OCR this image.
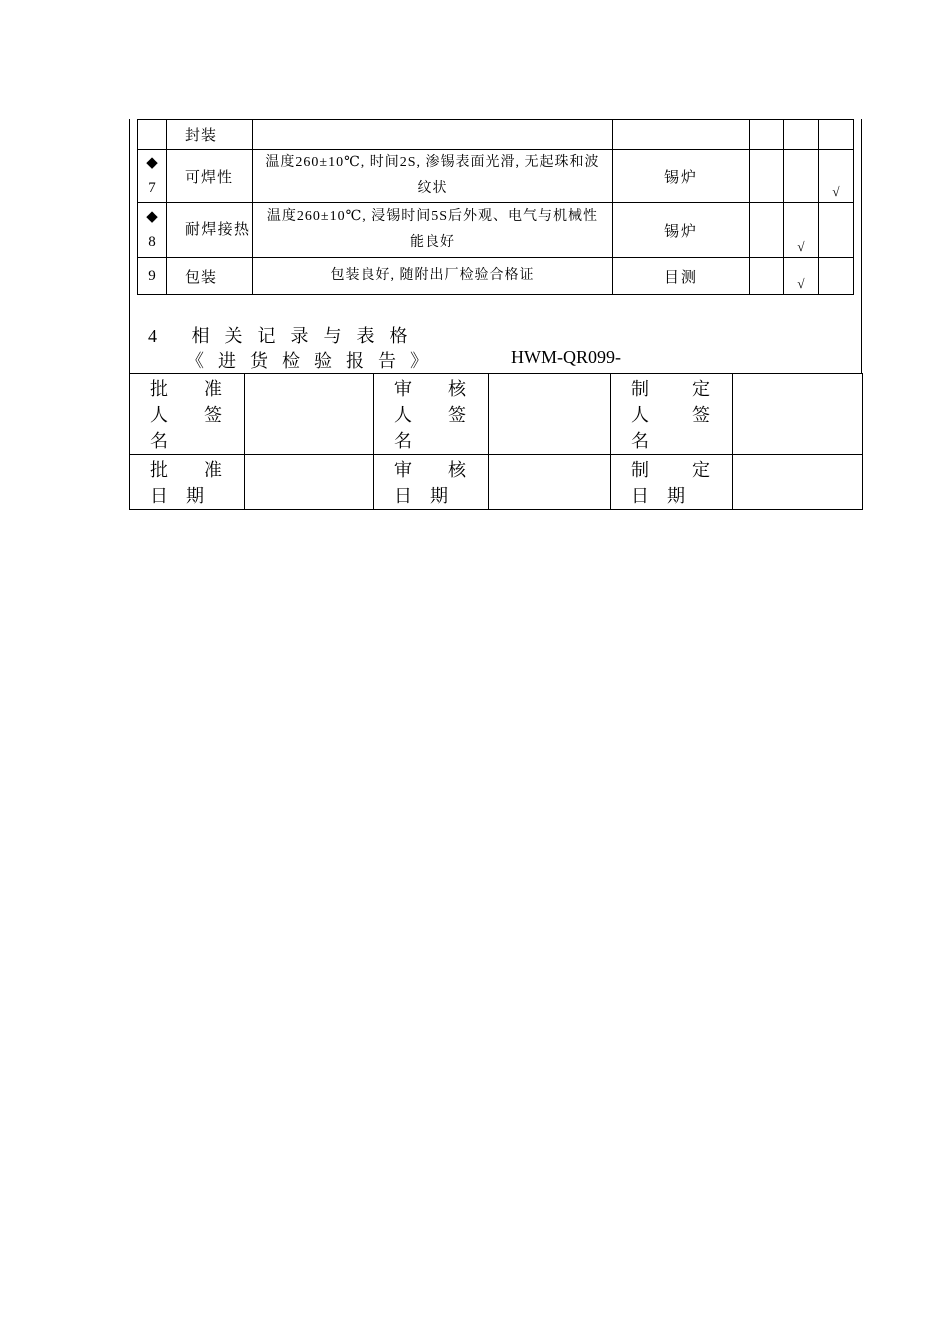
	封装					

◆
7	可焊性	温度260±10℃, 时间2S, 渗锡表面光滑, 无起珠和波纹状	锡炉			√

◆
8	耐焊接热	温度260±10℃, 浸锡时间5S后外观、电气与机械性能良好	锡炉		√	
9	包装	包装良好, 随附出厂检验合格证	目测		√	
4 相关记录与表格
《进货检验报告》	HWM-QR099-
批准
人签
名		审核
人签
名		制定
人签
名	

批准
日期		审核
日期		制定
日期	
